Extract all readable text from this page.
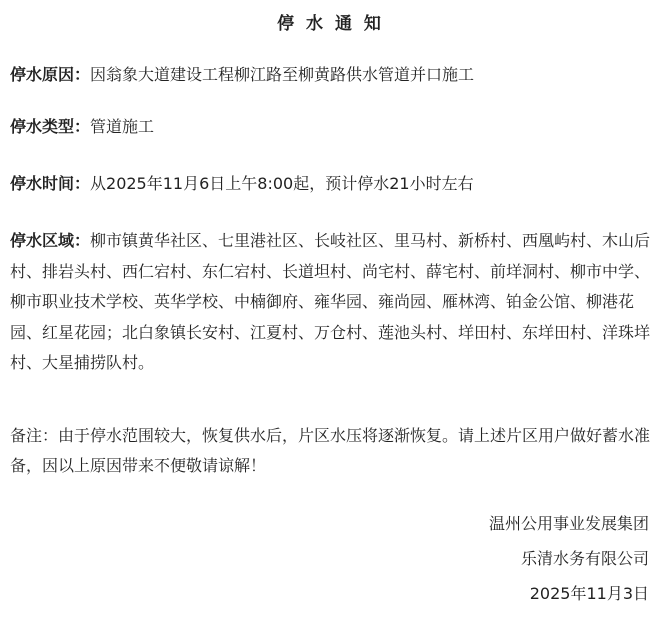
停 水 通 知

停水原因：因翁象大道建设工程柳江路至柳黄路供水管道并口施工

停水类型：管道施工

停水时间：从2025年11月6日上午8:00起，预计停水21小时左右

停水区域：柳市镇黄华社区、七里港社区、长岐社区、里马村、新桥村、西凰屿村、木山后村、排岩头村、西仁宕村、东仁宕村、长道坦村、尚宅村、薛宅村、前垟洞村、柳市中学、柳市职业技术学校、英华学校、中楠御府、雍华园、雍尚园、雁林湾、铂金公馆、柳港花园、红星花园；北白象镇长安村、江夏村、万仓村、莲池头村、垟田村、东垟田村、洋珠垟村、大星捕捞队村。

备注：由于停水范围较大，恢复供水后，片区水压将逐渐恢复。请上述片区用户做好蓄水准备，因以上原因带来不便敬请谅解！

温州公用事业发展集团

乐清水务有限公司

2025年11月3日
